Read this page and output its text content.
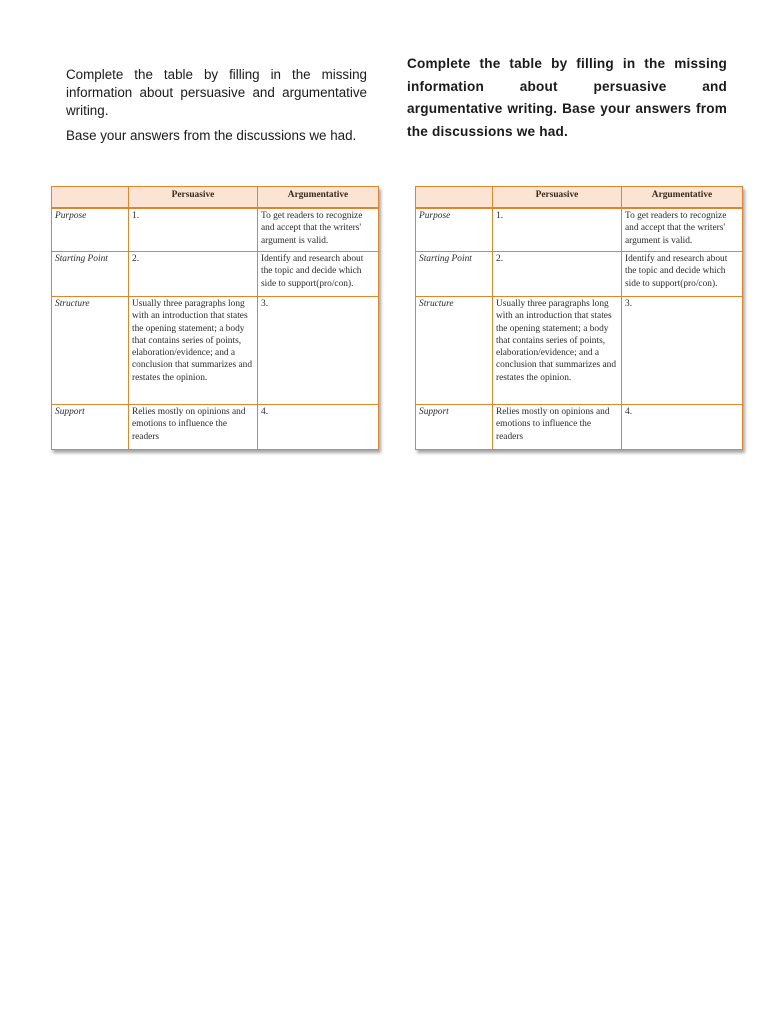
Complete the table by filling in the missing information about persuasive and argumentative writing.

Base your answers from the discussions we had.

Complete the table by filling in the missing information about persuasive and argumentative writing. Base your answers from the discussions we had.

	Persuasive	Argumentative
Purpose	1.	To get readers to recognize and accept that the writers' argument is valid.
Starting Point	2.	Identify and research about the topic and decide which side to support(pro/con).
Structure	Usually three paragraphs long with an introduction that states the opening statement; a body that contains series of points, elaboration/evidence; and a conclusion that summarizes and restates the opinion.	3.
Support	Relies mostly on opinions and emotions to influence the readers	4.
	Persuasive	Argumentative
Purpose	1.	To get readers to recognize and accept that the writers' argument is valid.
Starting Point	2.	Identify and research about the topic and decide which side to support(pro/con).
Structure	Usually three paragraphs long with an introduction that states the opening statement; a body that contains series of points, elaboration/evidence; and a conclusion that summarizes and restates the opinion.	3.
Support	Relies mostly on opinions and emotions to influence the readers	4.
